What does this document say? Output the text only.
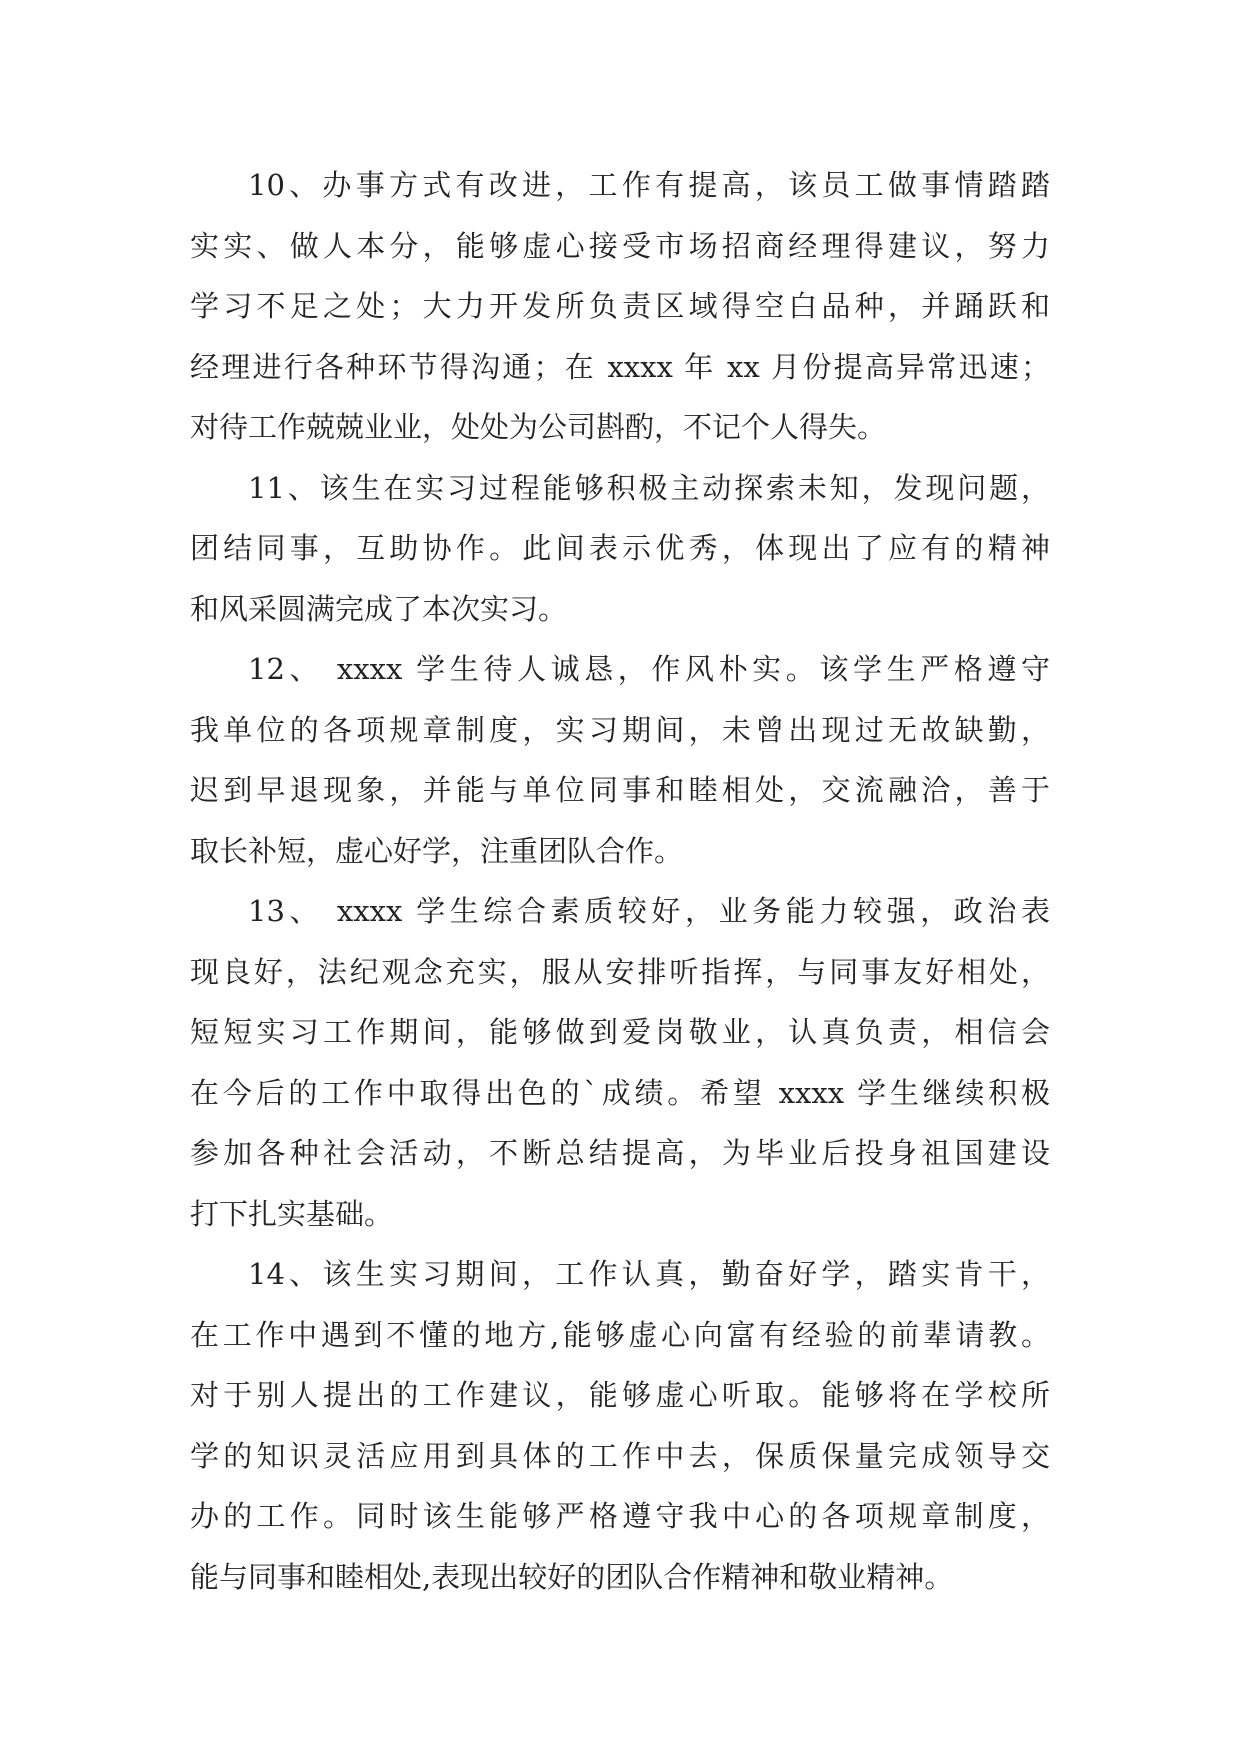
10、办事方式有改进，工作有提高，该员工做事情踏踏
实实、做人本分，能够虚心接受市场招商经理得建议，努力
学习不足之处；大力开发所负责区域得空白品种，并踊跃和
经理进行各种环节得沟通；在 xxxx 年 xx 月份提高异常迅速；
对待工作兢兢业业，处处为公司斟酌，不记个人得失。
11、该生在实习过程能够积极主动探索未知，发现问题，
团结同事，互助协作。此间表示优秀，体现出了应有的精神
和风采圆满完成了本次实习。
12、 xxxx 学生待人诚恳，作风朴实。该学生严格遵守
我单位的各项规章制度，实习期间，未曾出现过无故缺勤，
迟到早退现象，并能与单位同事和睦相处，交流融洽，善于
取长补短，虚心好学，注重团队合作。
13、 xxxx 学生综合素质较好，业务能力较强，政治表
现良好，法纪观念充实，服从安排听指挥，与同事友好相处，
短短实习工作期间，能够做到爱岗敬业，认真负责，相信会
在今后的工作中取得出色的`成绩。希望 xxxx 学生继续积极
参加各种社会活动，不断总结提高，为毕业后投身祖国建设
打下扎实基础。
14、该生实习期间，工作认真，勤奋好学，踏实肯干，
在工作中遇到不懂的地方,能够虚心向富有经验的前辈请教。
对于别人提出的工作建议，能够虚心听取。能够将在学校所
学的知识灵活应用到具体的工作中去，保质保量完成领导交
办的工作。同时该生能够严格遵守我中心的各项规章制度，
能与同事和睦相处,表现出较好的团队合作精神和敬业精神。
